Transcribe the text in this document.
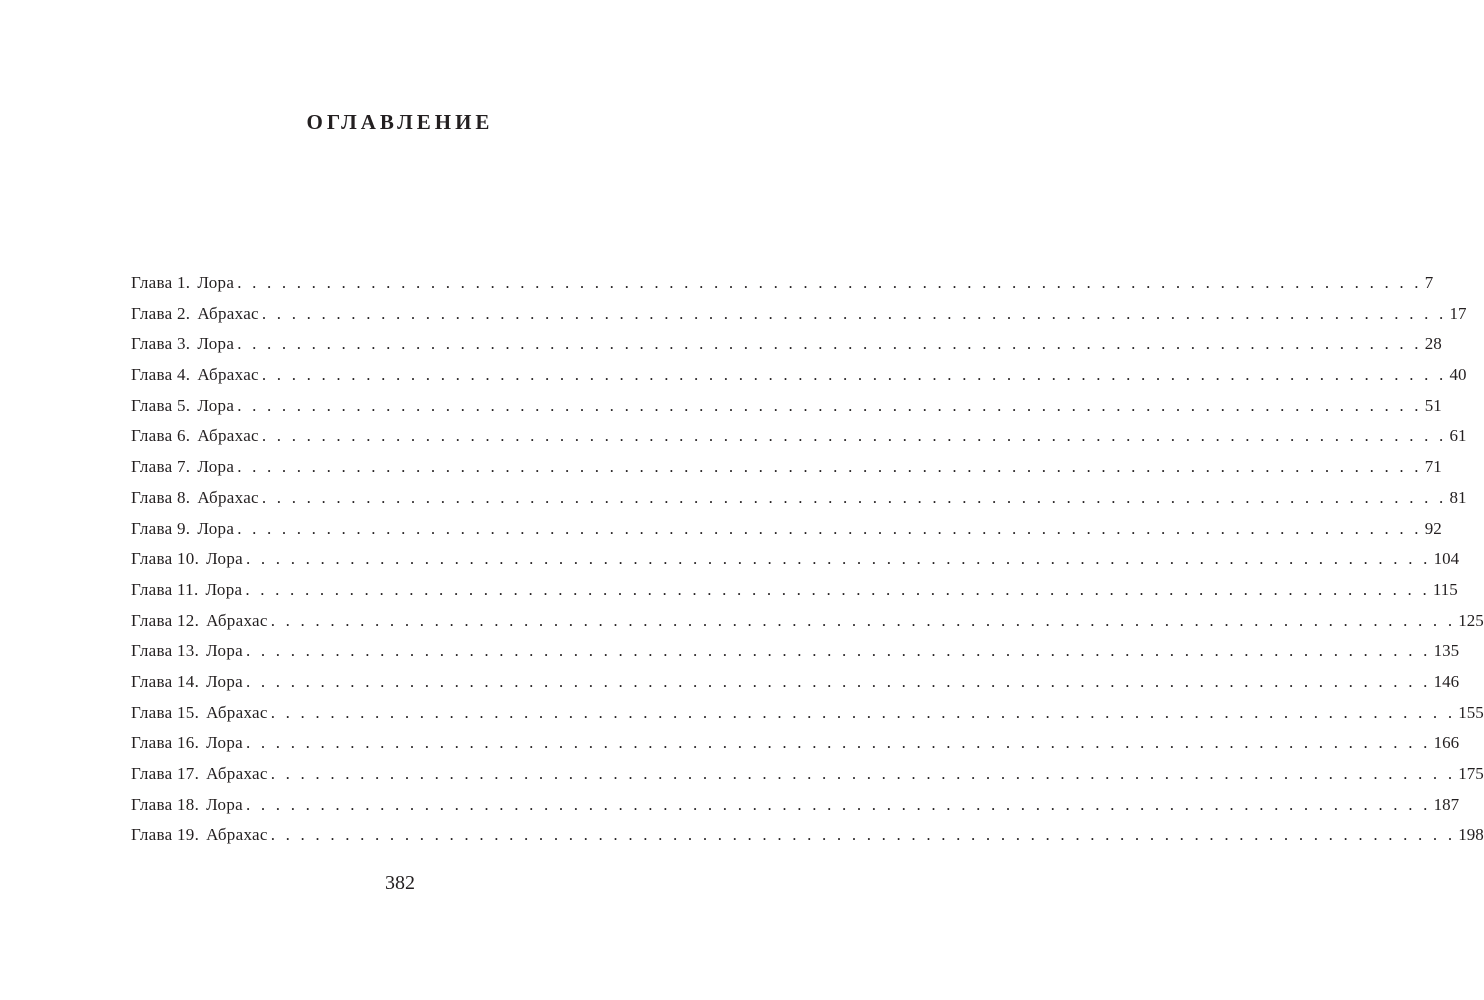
ОГЛАВЛЕНИЕ
Глава 1. Лора . . . . . . . . . . . . . . . . . . . . . . . . . . . . . . . . . . . . . . . . . . . . . . . . . . . . . . . . . . . . . . . . . . . . . . . . . . . . . . . . 7
Глава 2. Абрахас . . . . . . . . . . . . . . . . . . . . . . . . . . . . . . . . . . . . . . . . . . . . . . . . . . . . . . . . . . . . . . . . . . . . . . . . . . . . . . . . 17
Глава 3. Лора . . . . . . . . . . . . . . . . . . . . . . . . . . . . . . . . . . . . . . . . . . . . . . . . . . . . . . . . . . . . . . . . . . . . . . . . . . . . . . . . 28
Глава 4. Абрахас . . . . . . . . . . . . . . . . . . . . . . . . . . . . . . . . . . . . . . . . . . . . . . . . . . . . . . . . . . . . . . . . . . . . . . . . . . . . . . . . 40
Глава 5. Лора . . . . . . . . . . . . . . . . . . . . . . . . . . . . . . . . . . . . . . . . . . . . . . . . . . . . . . . . . . . . . . . . . . . . . . . . . . . . . . . . 51
Глава 6. Абрахас . . . . . . . . . . . . . . . . . . . . . . . . . . . . . . . . . . . . . . . . . . . . . . . . . . . . . . . . . . . . . . . . . . . . . . . . . . . . . . . . 61
Глава 7. Лора . . . . . . . . . . . . . . . . . . . . . . . . . . . . . . . . . . . . . . . . . . . . . . . . . . . . . . . . . . . . . . . . . . . . . . . . . . . . . . . . 71
Глава 8. Абрахас . . . . . . . . . . . . . . . . . . . . . . . . . . . . . . . . . . . . . . . . . . . . . . . . . . . . . . . . . . . . . . . . . . . . . . . . . . . . . . . . 81
Глава 9. Лора . . . . . . . . . . . . . . . . . . . . . . . . . . . . . . . . . . . . . . . . . . . . . . . . . . . . . . . . . . . . . . . . . . . . . . . . . . . . . . . . 92
Глава 10. Лора . . . . . . . . . . . . . . . . . . . . . . . . . . . . . . . . . . . . . . . . . . . . . . . . . . . . . . . . . . . . . . . . . . . . . . . . . . . . . . . . 104
Глава 11. Лора . . . . . . . . . . . . . . . . . . . . . . . . . . . . . . . . . . . . . . . . . . . . . . . . . . . . . . . . . . . . . . . . . . . . . . . . . . . . . . . . 115
Глава 12. Абрахас . . . . . . . . . . . . . . . . . . . . . . . . . . . . . . . . . . . . . . . . . . . . . . . . . . . . . . . . . . . . . . . . . . . . . . . . . . . . . . . . 125
Глава 13. Лора . . . . . . . . . . . . . . . . . . . . . . . . . . . . . . . . . . . . . . . . . . . . . . . . . . . . . . . . . . . . . . . . . . . . . . . . . . . . . . . . 135
Глава 14. Лора . . . . . . . . . . . . . . . . . . . . . . . . . . . . . . . . . . . . . . . . . . . . . . . . . . . . . . . . . . . . . . . . . . . . . . . . . . . . . . . . 146
Глава 15. Абрахас . . . . . . . . . . . . . . . . . . . . . . . . . . . . . . . . . . . . . . . . . . . . . . . . . . . . . . . . . . . . . . . . . . . . . . . . . . . . . . . . 155
Глава 16. Лора . . . . . . . . . . . . . . . . . . . . . . . . . . . . . . . . . . . . . . . . . . . . . . . . . . . . . . . . . . . . . . . . . . . . . . . . . . . . . . . . 166
Глава 17. Абрахас . . . . . . . . . . . . . . . . . . . . . . . . . . . . . . . . . . . . . . . . . . . . . . . . . . . . . . . . . . . . . . . . . . . . . . . . . . . . . . . . 175
Глава 18. Лора . . . . . . . . . . . . . . . . . . . . . . . . . . . . . . . . . . . . . . . . . . . . . . . . . . . . . . . . . . . . . . . . . . . . . . . . . . . . . . . . 187
Глава 19. Абрахас . . . . . . . . . . . . . . . . . . . . . . . . . . . . . . . . . . . . . . . . . . . . . . . . . . . . . . . . . . . . . . . . . . . . . . . . . . . . . . . . 198
382
